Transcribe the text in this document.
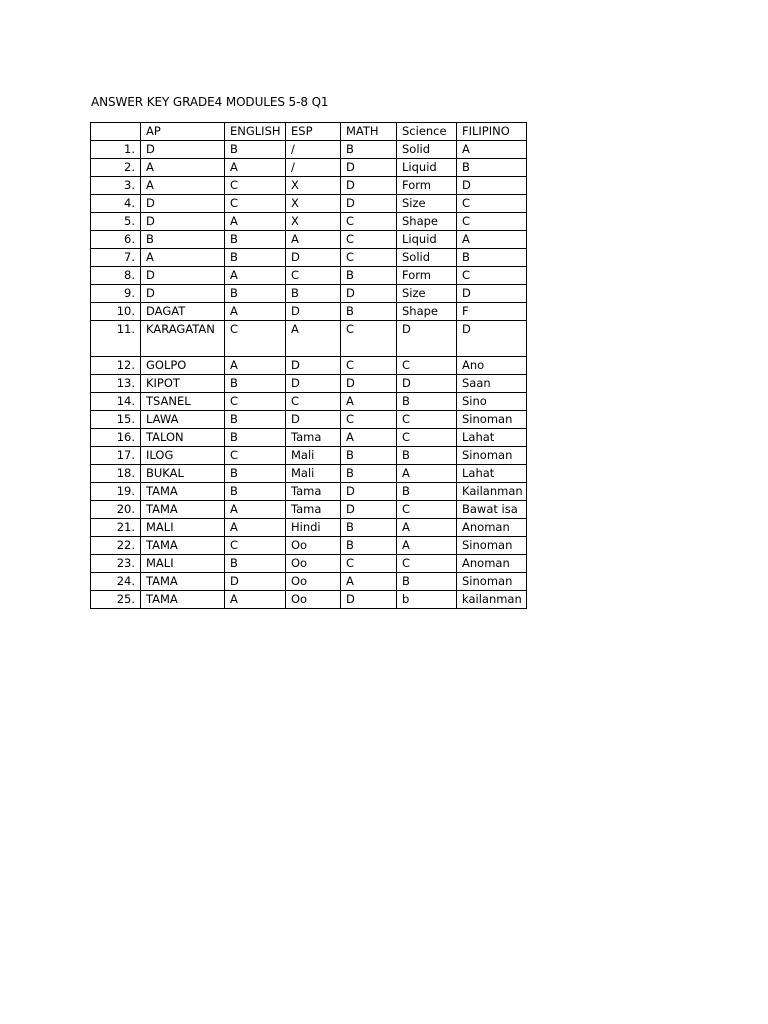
ANSWER KEY GRADE4 MODULES 5-8 Q1
	AP	ENGLISH	ESP	MATH	Science	FILIPINO
1.	D	B	/	B	Solid	A
2.	A	A	/	D	Liquid	B
3.	A	C	X	D	Form	D
4.	D	C	X	D	Size	C
5.	D	A	X	C	Shape	C
6.	B	B	A	C	Liquid	A
7.	A	B	D	C	Solid	B
8.	D	A	C	B	Form	C
9.	D	B	B	D	Size	D
10.	DAGAT	A	D	B	Shape	F
11.	KARAGATAN	C	A	C	D	D
12.	GOLPO	A	D	C	C	Ano
13.	KIPOT	B	D	D	D	Saan
14.	TSANEL	C	C	A	B	Sino
15.	LAWA	B	D	C	C	Sinoman
16.	TALON	B	Tama	A	C	Lahat
17.	ILOG	C	Mali	B	B	Sinoman
18.	BUKAL	B	Mali	B	A	Lahat
19.	TAMA	B	Tama	D	B	Kailanman
20.	TAMA	A	Tama	D	C	Bawat isa
21.	MALI	A	Hindi	B	A	Anoman
22.	TAMA	C	Oo	B	A	Sinoman
23.	MALI	B	Oo	C	C	Anoman
24.	TAMA	D	Oo	A	B	Sinoman
25.	TAMA	A	Oo	D	b	kailanman
